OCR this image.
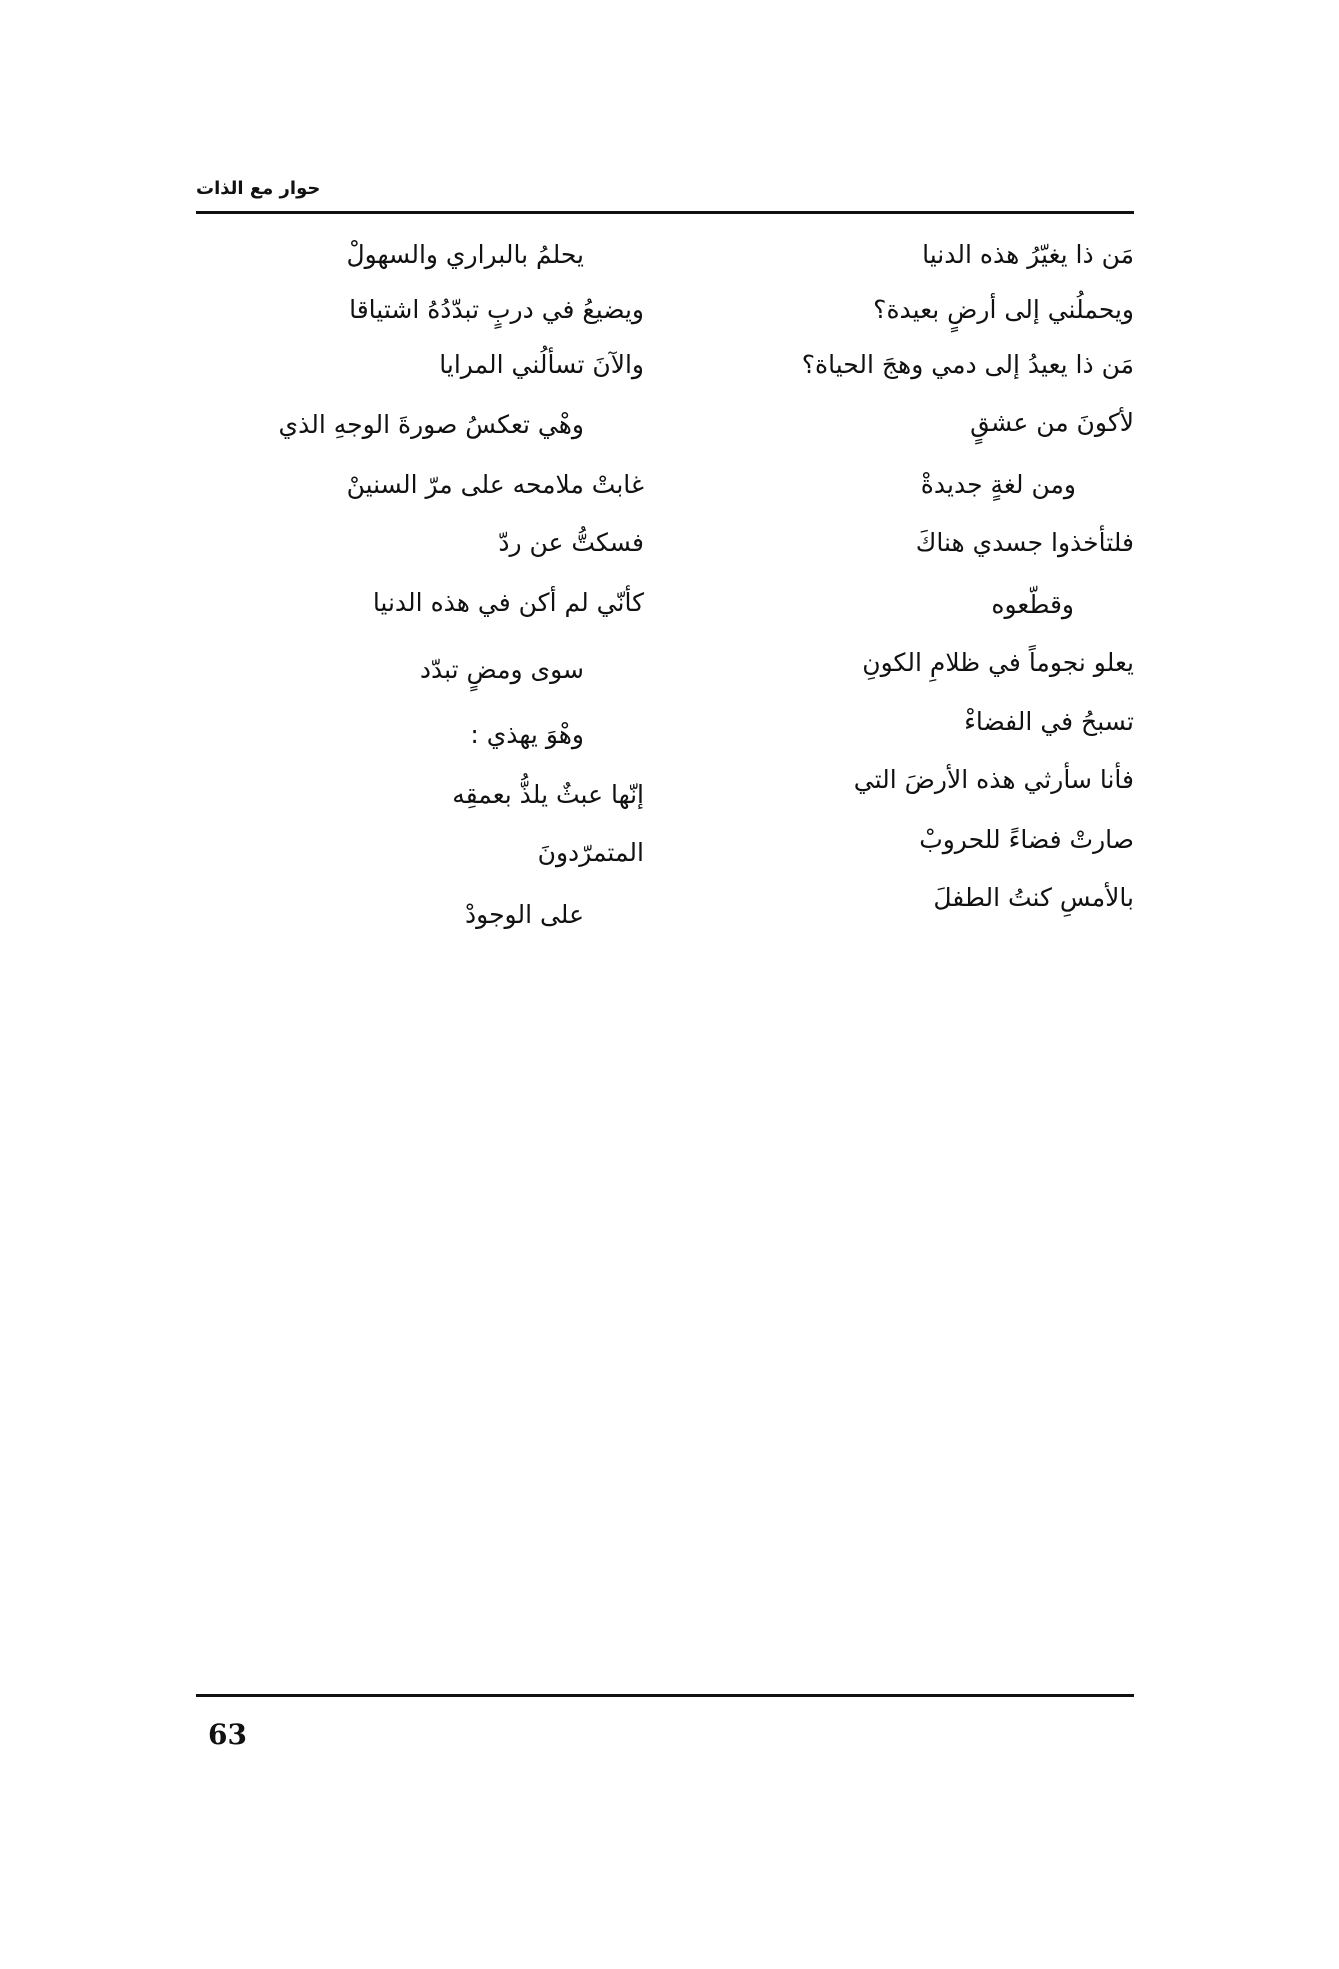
حوار مع الذات
مَن ذا يغيّرُ هذه الدنيا
ويحملُني إلى أرضٍ بعيدة؟
مَن ذا يعيدُ إلى دمي وهجَ الحياة؟
لأكونَ من عشقٍ
ومن لغةٍ جديدةْ
فلتأخذوا جسدي هناكَ
وقطّعوه
يعلو نجوماً في ظلامِ الكونِ
تسبحُ في الفضاءْ
فأنا سأرثي هذه الأرضَ التي
صارتْ فضاءً للحروبْ
بالأمسِ كنتُ الطفلَ
يحلمُ بالبراري والسهولْ
ويضيعُ في دربٍ تبدّدُهُ اشتياقا
والآنَ تسألُني المرايا
وهْي تعكسُ صورةَ الوجهِ الذي
غابتْ ملامحه على مرّ السنينْ
فسكتُّ عن ردّ
كأنّي لم أكن في هذه الدنيا
سوى ومضٍ تبدّد
وهْوَ يهذي :
إنّها عبثٌ يلذُّ بعمقِه
المتمرّدونَ
على الوجودْ
63
